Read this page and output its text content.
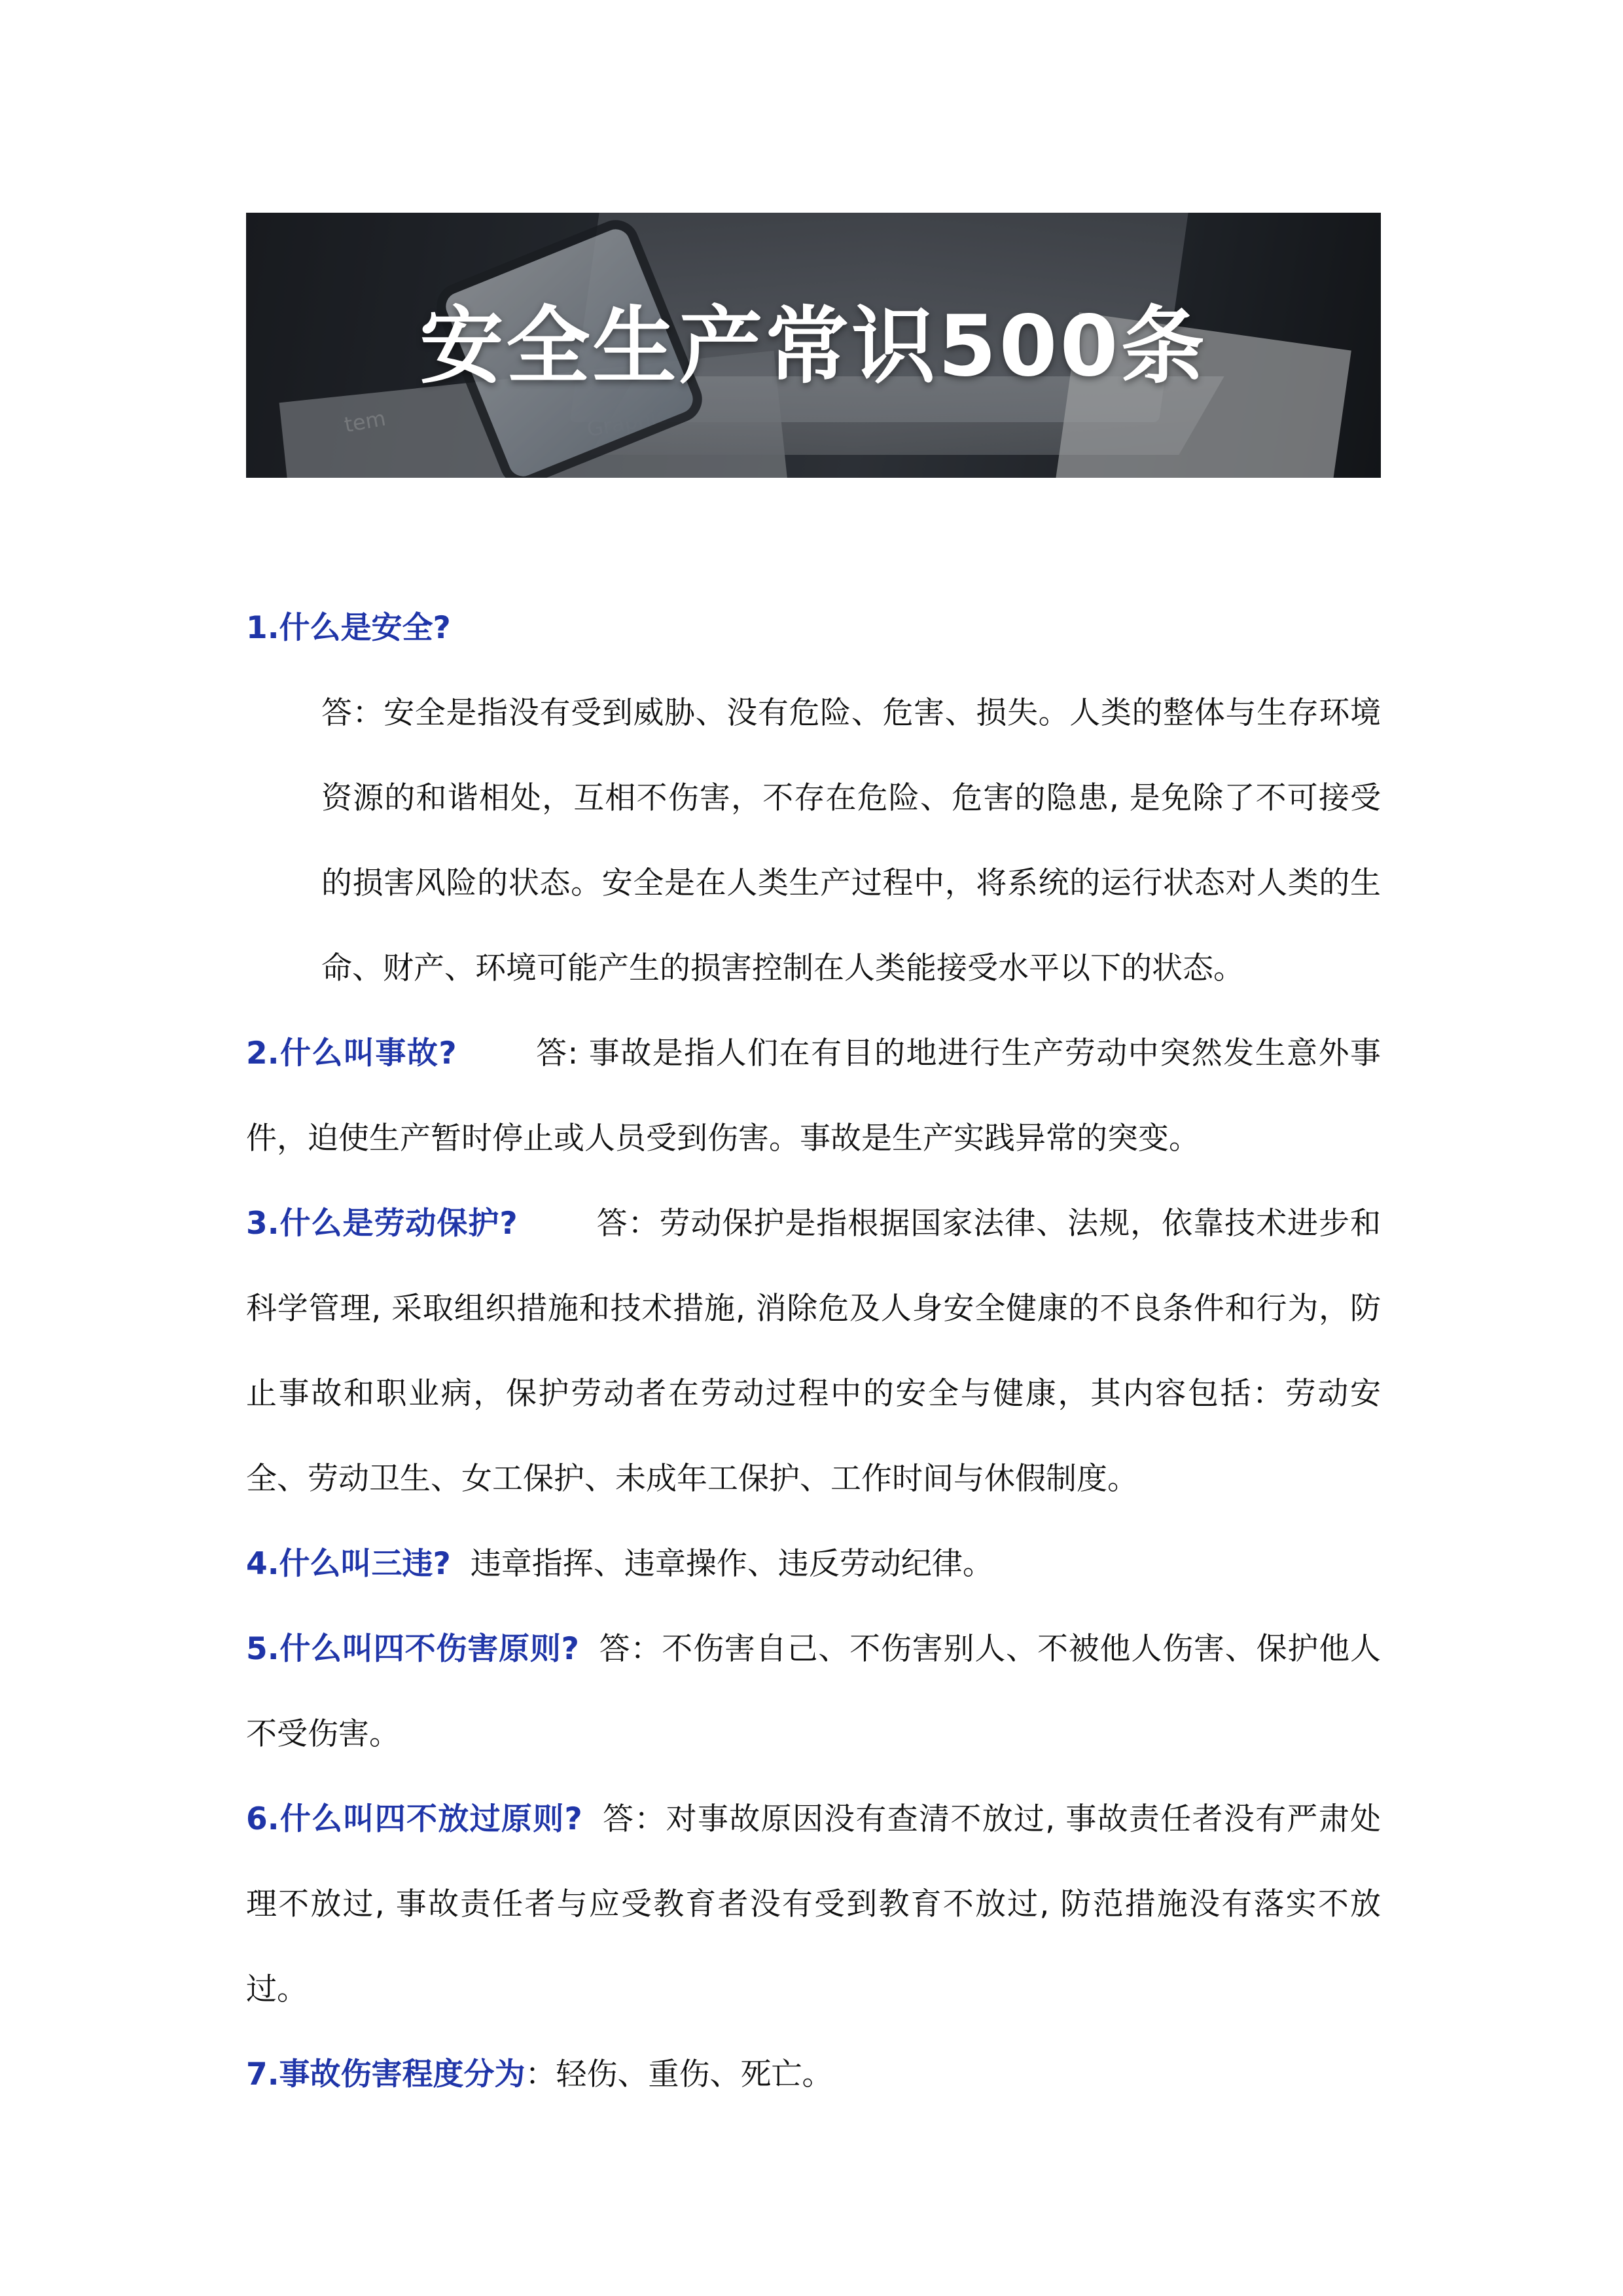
tem
安全生产常识500条

1.什么是安全?

答：安全是指没有受到威胁、没有危险、危害、损失。人类的整体与生存环境资源的和谐相处，互相不伤害，不存在危险、危害的隐患, 是免除了不可接受的损害风险的状态。安全是在人类生产过程中，将系统的运行状态对人类的生命、财产、环境可能产生的损害控制在人类能接受水平以下的状态。

2.什么叫事故?	答: 事故是指人们在有目的地进行生产劳动中突然发生意外事件，迫使生产暂时停止或人员受到伤害。事故是生产实践异常的突变。

3.什么是劳动保护?	答：劳动保护是指根据国家法律、法规，依靠技术进步和科学管理, 采取组织措施和技术措施, 消除危及人身安全健康的不良条件和行为，防止事故和职业病，保护劳动者在劳动过程中的安全与健康，其内容包括：劳动安全、劳动卫生、女工保护、未成年工保护、工作时间与休假制度。

4.什么叫三违? 违章指挥、违章操作、违反劳动纪律。

5.什么叫四不伤害原则? 答：不伤害自己、不伤害别人、不被他人伤害、保护他人不受伤害。

6.什么叫四不放过原则? 答：对事故原因没有查清不放过, 事故责任者没有严肃处理不放过, 事故责任者与应受教育者没有受到教育不放过, 防范措施没有落实不放过。

7.事故伤害程度分为：轻伤、重伤、死亡。
